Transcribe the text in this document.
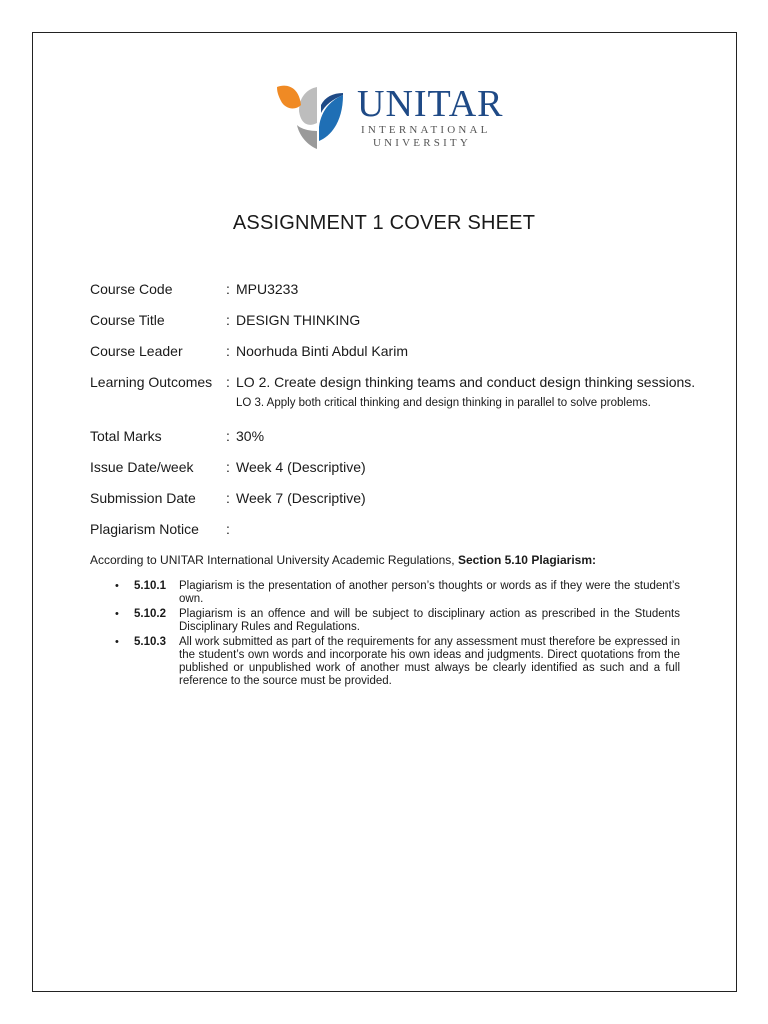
UNITAR
INTERNATIONAL
UNIVERSITY
ASSIGNMENT 1 COVER SHEET
Course Code	: MPU3233
Course Title	: DESIGN THINKING
Course Leader	: Noorhuda Binti Abdul Karim
Learning Outcomes : LO 2. Create design thinking teams and conduct design thinking sessions.
LO 3. Apply both critical thinking and design thinking in parallel to solve problems.
Total Marks	: 30%
Issue Date/week	: Week 4 (Descriptive)
Submission Date	: Week 7 (Descriptive)
Plagiarism Notice	:
According to UNITAR International University Academic Regulations, Section 5.10 Plagiarism:
• 5.10.1 Plagiarism is the presentation of another person’s thoughts or words as if they were the student’s own.
• 5.10.2 Plagiarism is an offence and will be subject to disciplinary action as prescribed in the Students Disciplinary Rules and Regulations.
• 5.10.3 All work submitted as part of the requirements for any assessment must therefore be expressed in the student’s own words and incorporate his own ideas and judgments. Direct quotations from the published or unpublished work of another must always be clearly identified as such and a full reference to the source must be provided.
